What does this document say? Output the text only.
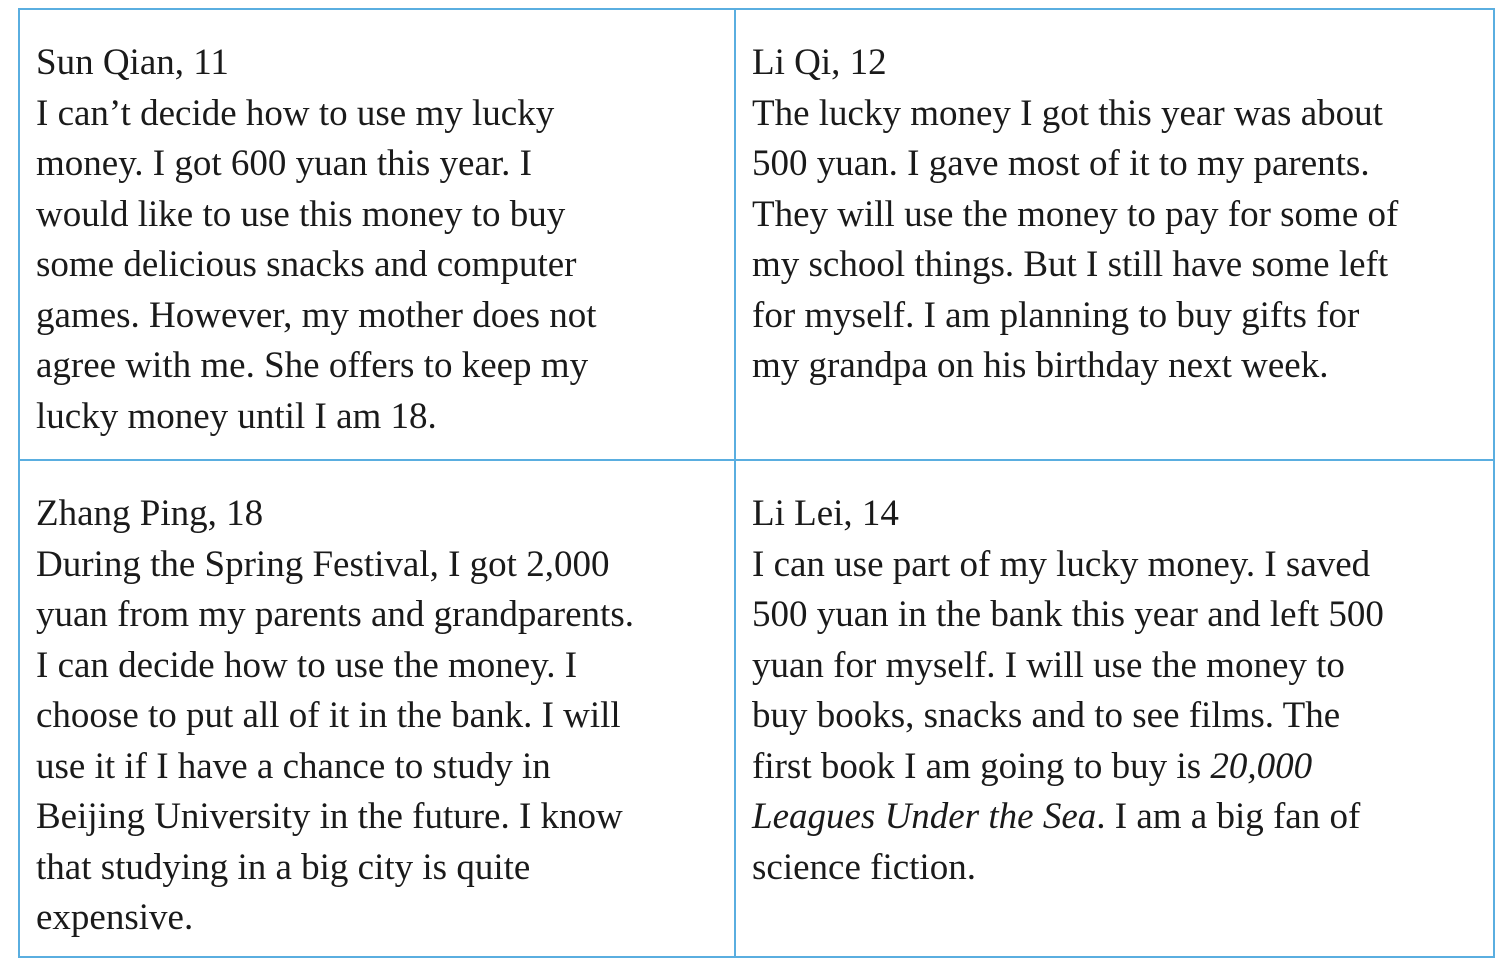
Sun Qian, 11
I can’t decide how to use my lucky
money. I got 600 yuan this year. I
would like to use this money to buy
some delicious snacks and computer
games. However, my mother does not
agree with me. She offers to keep my
lucky money until I am 18.
Li Qi, 12
The lucky money I got this year was about
500 yuan. I gave most of it to my parents.
They will use the money to pay for some of
my school things. But I still have some left
for myself. I am planning to buy gifts for
my grandpa on his birthday next week.
Zhang Ping, 18
During the Spring Festival, I got 2,000
yuan from my parents and grandparents.
I can decide how to use the money. I
choose to put all of it in the bank. I will
use it if I have a chance to study in
Beijing University in the future. I know
that studying in a big city is quite
expensive.
Li Lei, 14
I can use part of my lucky money. I saved
500 yuan in the bank this year and left 500
yuan for myself. I will use the money to
buy books, snacks and to see films. The
first book I am going to buy is 20,000
Leagues Under the Sea. I am a big fan of
science fiction.
